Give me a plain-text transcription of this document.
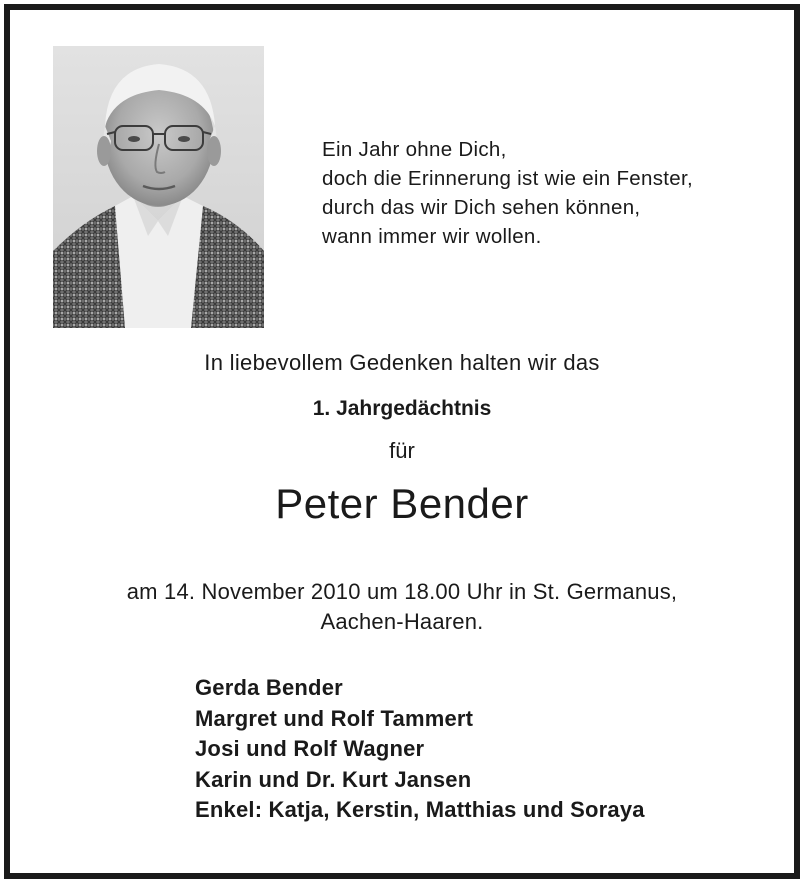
Ein Jahr ohne Dich,
doch die Erinnerung ist wie ein Fenster,
durch das wir Dich sehen können,
wann immer wir wollen.
In liebevollem Gedenken halten wir das
1. Jahrgedächtnis
für
Peter Bender
am 14. November 2010 um 18.00 Uhr in St. Germanus,
Aachen-Haaren.
Gerda Bender
Margret und Rolf Tammert
Josi und Rolf Wagner
Karin und Dr. Kurt Jansen
Enkel: Katja, Kerstin, Matthias und Soraya
